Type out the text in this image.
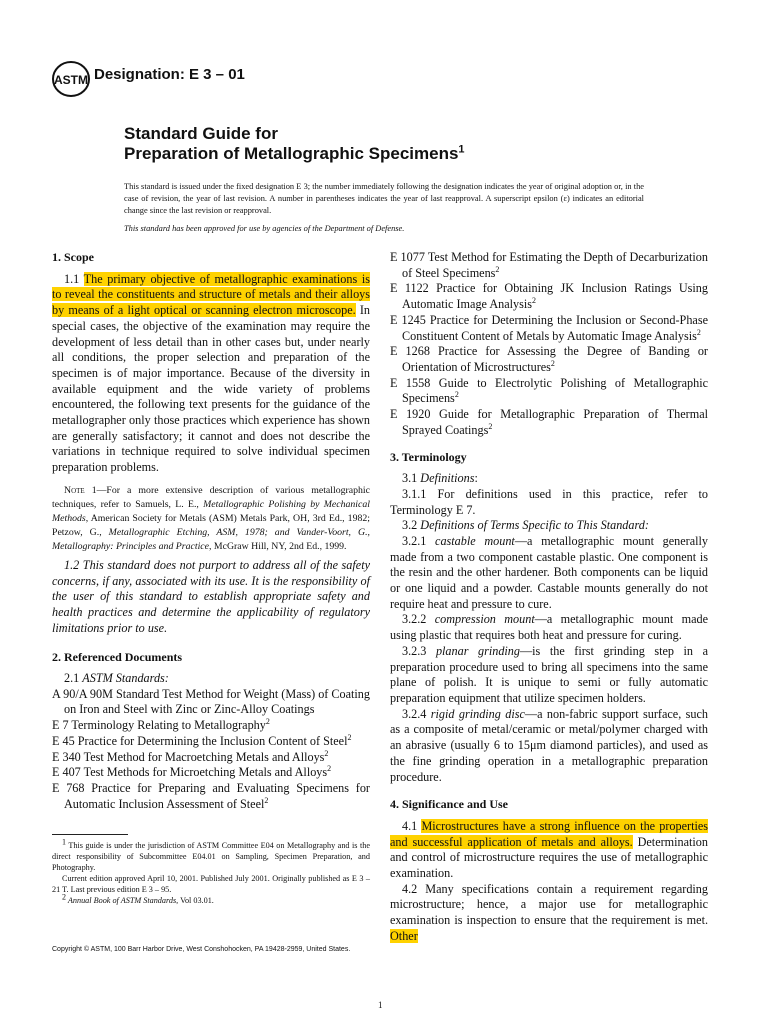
ASTM Designation: E 3 – 01
Standard Guide for
Preparation of Metallographic Specimens$^1$
This standard is issued under the fixed designation E 3; the number immediately following the designation indicates the year of original adoption or, in the case of revision, the year of last revision. A number in parentheses indicates the year of last reapproval. A superscript epsilon (ε) indicates an editorial change since the last revision or reapproval.
This standard has been approved for use by agencies of the Department of Defense.
1. Scope

1.1 The primary objective of metallographic examinations is to reveal the constituents and structure of metals and their alloys by means of a light optical or scanning electron microscope. In special cases, the objective of the examination may require the development of less detail than in other cases but, under nearly all conditions, the proper selection and preparation of the specimen is of major importance. Because of the diversity in available equipment and the wide variety of problems encountered, the following text presents for the guidance of the metallographer only those practices which experience has shown are generally satisfactory; it cannot and does not describe the variations in technique required to solve individual specimen preparation problems.

Note 1—For a more extensive description of various metallographic techniques, refer to Samuels, L. E., Metallographic Polishing by Mechanical Methods, American Society for Metals (ASM) Metals Park, OH, 3rd Ed., 1982; Petzow, G., Metallographic Etching, ASM, 1978; and Vander-Voort, G., Metallography: Principles and Practice, McGraw Hill, NY, 2nd Ed., 1999.

1.2 This standard does not purport to address all of the safety concerns, if any, associated with its use. It is the responsibility of the user of this standard to establish appropriate safety and health practices and determine the applicability of regulatory limitations prior to use.

2. Referenced Documents

2.1 ASTM Standards:

A 90/A 90M Standard Test Method for Weight (Mass) of Coating on Iron and Steel with Zinc or Zinc-Alloy Coatings

E 7 Terminology Relating to Metallography$^2$

E 45 Practice for Determining the Inclusion Content of Steel$^2$

E 340 Test Method for Macroetching Metals and Alloys$^2$

E 407 Test Methods for Microetching Metals and Alloys$^2$

E 768 Practice for Preparing and Evaluating Specimens for Automatic Inclusion Assessment of Steel$^2$

E 1077 Test Method for Estimating the Depth of Decarburization of Steel Specimens$^2$

E 1122 Practice for Obtaining JK Inclusion Ratings Using Automatic Image Analysis$^2$

E 1245 Practice for Determining the Inclusion or Second-Phase Constituent Content of Metals by Automatic Image Analysis$^2$

E 1268 Practice for Assessing the Degree of Banding or Orientation of Microstructures$^2$

E 1558 Guide to Electrolytic Polishing of Metallographic Specimens$^2$

E 1920 Guide for Metallographic Preparation of Thermal Sprayed Coatings$^2$

3. Terminology

3.1 Definitions:

3.1.1 For definitions used in this practice, refer to Terminology E 7.

3.2 Definitions of Terms Specific to This Standard:

3.2.1 castable mount—a metallographic mount generally made from a two component castable plastic. One component is the resin and the other hardener. Both components can be liquid or one liquid and a powder. Castable mounts generally do not require heat and pressure to cure.

3.2.2 compression mount—a metallographic mount made using plastic that requires both heat and pressure for curing.

3.2.3 planar grinding—is the first grinding step in a preparation procedure used to bring all specimens into the same plane of polish. It is unique to semi or fully automatic preparation equipment that utilize specimen holders.

3.2.4 rigid grinding disc—a non-fabric support surface, such as a composite of metal/ceramic or metal/polymer charged with an abrasive (usually 6 to 15μm diamond particles), and used as the fine grinding operation in a metallographic preparation procedure.

4. Significance and Use

4.1 Microstructures have a strong influence on the properties and successful application of metals and alloys. Determination and control of microstructure requires the use of metallographic examination.

4.2 Many specifications contain a requirement regarding microstructure; hence, a major use for metallographic examination is inspection to ensure that the requirement is met. Other

$^1$ This guide is under the jurisdiction of ASTM Committee E04 on Metallography and is the direct responsibility of Subcommittee E04.01 on Sampling, Specimen Preparation, and Photography.

Current edition approved April 10, 2001. Published July 2001. Originally published as E 3 – 21 T. Last previous edition E 3 – 95.

$^2$ Annual Book of ASTM Standards, Vol 03.01.

Copyright © ASTM, 100 Barr Harbor Drive, West Conshohocken, PA 19428-2959, United States.
1
